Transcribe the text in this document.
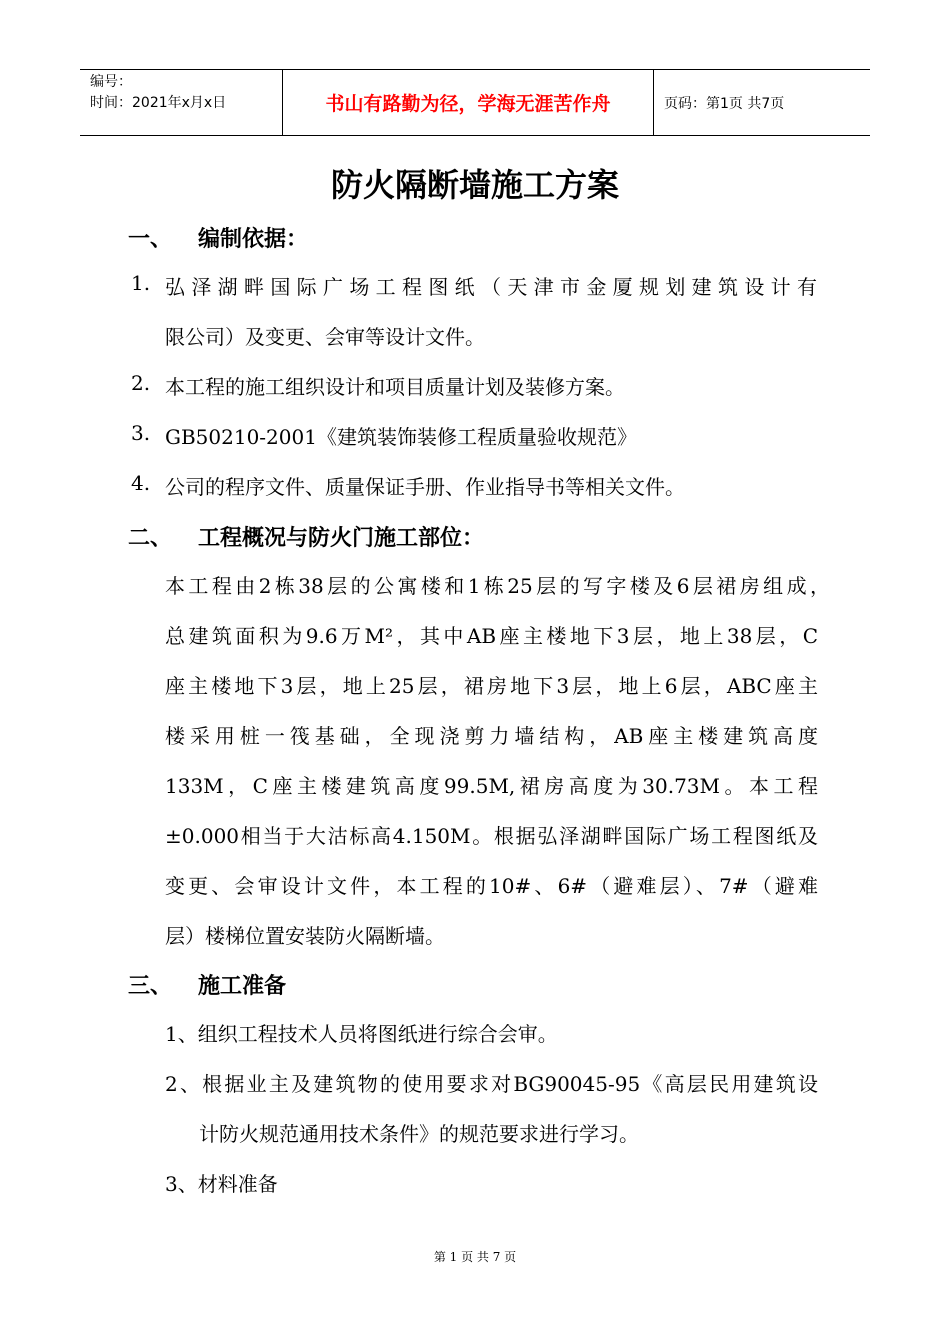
编号：
时间：2021年x月x日	书山有路勤为径，学海无涯苦作舟	页码：第1页 共7页
防火隔断墙施工方案
一、 编制依据：
1. 弘泽湖畔国际广场工程图纸（天津市金厦规划建筑设计有
限公司）及变更、会审等设计文件。
2. 本工程的施工组织设计和项目质量计划及装修方案。
3. GB50210-2001《建筑装饰装修工程质量验收规范》
4. 公司的程序文件、质量保证手册、作业指导书等相关文件。
二、 工程概况与防火门施工部位：
本工程由2栋38层的公寓楼和1栋25层的写字楼及6层裙房组成，
总建筑面积为9.6万M²，其中AB座主楼地下3层，地上38层，C
座主楼地下3层，地上25层，裙房地下3层，地上6层，ABC座主
楼采用桩一筏基础，全现浇剪力墙结构，AB座主楼建筑高度
133M，C座主楼建筑高度99.5M,裙房高度为30.73M。本工程
±0.000相当于大沽标高4.150M。根据弘泽湖畔国际广场工程图纸及
变更、会审设计文件，本工程的10#、6#（避难层）、7#（避难
层）楼梯位置安装防火隔断墙。
三、 施工准备
1、组织工程技术人员将图纸进行综合会审。
2、根据业主及建筑物的使用要求对BG90045-95《高层民用建筑设
计防火规范通用技术条件》的规范要求进行学习。
3、材料准备
第 1 页 共 7 页
